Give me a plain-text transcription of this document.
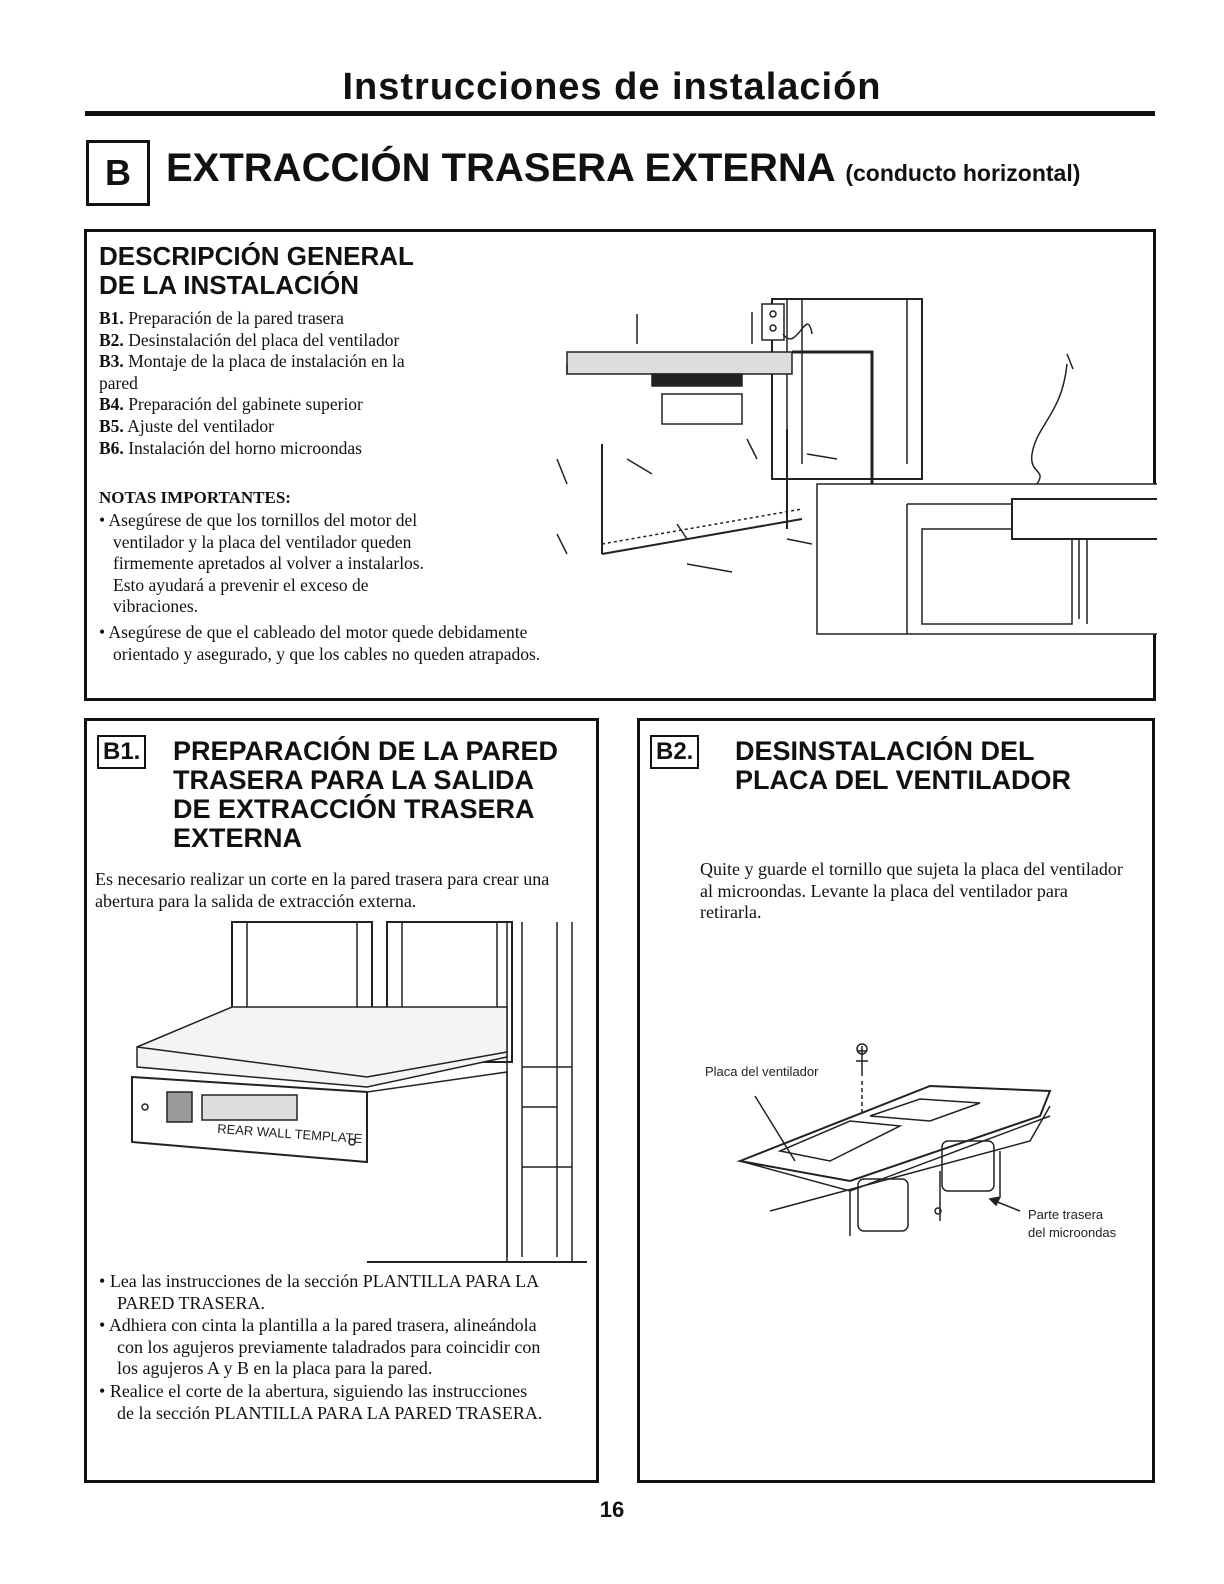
Instrucciones de instalación
B EXTRACCIÓN TRASERA EXTERNA (conducto horizontal)
DESCRIPCIÓN GENERAL
DE LA INSTALACIÓN
B1. Preparación de la pared trasera
B2. Desinstalación del placa del ventilador
B3. Montaje de la placa de instalación en la pared
B4. Preparación del gabinete superior
B5. Ajuste del ventilador
B6. Instalación del horno microondas
NOTAS IMPORTANTES:
• Asegúrese de que los tornillos del motor del ventilador y la placa del ventilador queden firmemente apretados al volver a instalarlos. Esto ayudará a prevenir el exceso de vibraciones.
• Asegúrese de que el cableado del motor quede debidamente orientado y asegurado, y que los cables no queden atrapados.
B1. PREPARACIÓN DE LA PARED
TRASERA PARA LA SALIDA
DE EXTRACCIÓN TRASERA
EXTERNA

Es necesario realizar un corte en la pared trasera para crear una abertura para la salida de extracción externa.

REAR WALL TEMPLATE
• Lea las instrucciones de la sección PLANTILLA PARA LA PARED TRASERA.
• Adhiera con cinta la plantilla a la pared trasera, alineándola con los agujeros previamente taladrados para coincidir con los agujeros A y B en la placa para la pared.
• Realice el corte de la abertura, siguiendo las instrucciones de la sección PLANTILLA PARA LA PARED TRASERA.
B2. DESINSTALACIÓN DEL
PLACA DEL VENTILADOR

Quite y guarde el tornillo que sujeta la placa del ventilador al microondas. Levante la placa del ventilador para retirarla.

Placa del ventilador
Parte trasera
del microondas
16
